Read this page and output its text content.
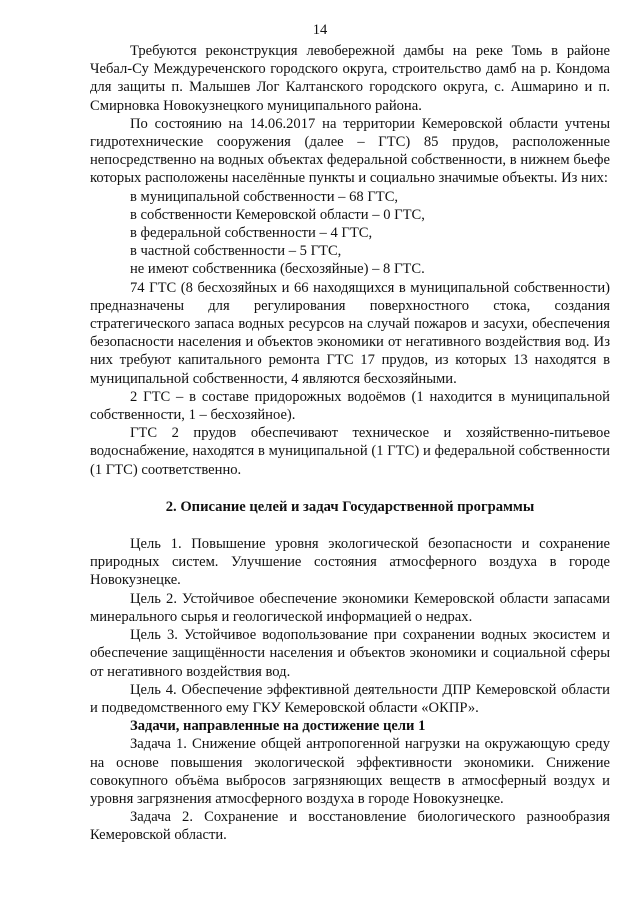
14

Требуются реконструкция левобережной дамбы на реке Томь в районе Чебал-Су Междуреченского городского округа, строительство дамб на р. Кондома для защиты п. Малышев Лог Калтанского городского округа, с. Ашмарино и п. Смирновка Новокузнецкого муниципального района.

По состоянию на 14.06.2017 на территории Кемеровской области учтены гидротехнические сооружения (далее – ГТС) 85 прудов, расположенные непосредственно на водных объектах федеральной собственности, в нижнем бьефе которых расположены населённые пункты и социально значимые объекты. Из них:

в муниципальной собственности – 68 ГТС,
в собственности Кемеровской области – 0 ГТС,
в федеральной собственности – 4 ГТС,
в частной собственности – 5 ГТС,
не имеют собственника (бесхозяйные) – 8 ГТС.

74 ГТС (8 бесхозяйных и 66 находящихся в муниципальной собственности) предназначены для регулирования поверхностного стока, создания стратегического запаса водных ресурсов на случай пожаров и засухи, обеспечения безопасности населения и объектов экономики от негативного воздействия вод. Из них требуют капитального ремонта ГТС 17 прудов, из которых 13 находятся в муниципальной собственности, 4 являются бесхозяйными.

2 ГТС – в составе придорожных водоёмов (1 находится в муниципальной собственности, 1 – бесхозяйное).

ГТС 2 прудов обеспечивают техническое и хозяйственно-питьевое водоснабжение, находятся в муниципальной (1 ГТС) и федеральной собственности (1 ГТС) соответственно.

2. Описание целей и задач Государственной программы

Цель 1. Повышение уровня экологической безопасности и сохранение природных систем. Улучшение состояния атмосферного воздуха в городе Новокузнецке.

Цель 2. Устойчивое обеспечение экономики Кемеровской области запасами минерального сырья и геологической информацией о недрах.

Цель 3. Устойчивое водопользование при сохранении водных экосистем и обеспечение защищённости населения и объектов экономики и социальной сферы от негативного воздействия вод.

Цель 4. Обеспечение эффективной деятельности ДПР Кемеровской области и подведомственного ему ГКУ Кемеровской области «ОКПР».

Задачи, направленные на достижение цели 1

Задача 1. Снижение общей антропогенной нагрузки на окружающую среду на основе повышения экологической эффективности экономики. Снижение совокупного объёма выбросов загрязняющих веществ в атмосферный воздух и уровня загрязнения атмосферного воздуха в городе Новокузнецке.

Задача 2. Сохранение и восстановление биологического разнообразия Кемеровской области.
